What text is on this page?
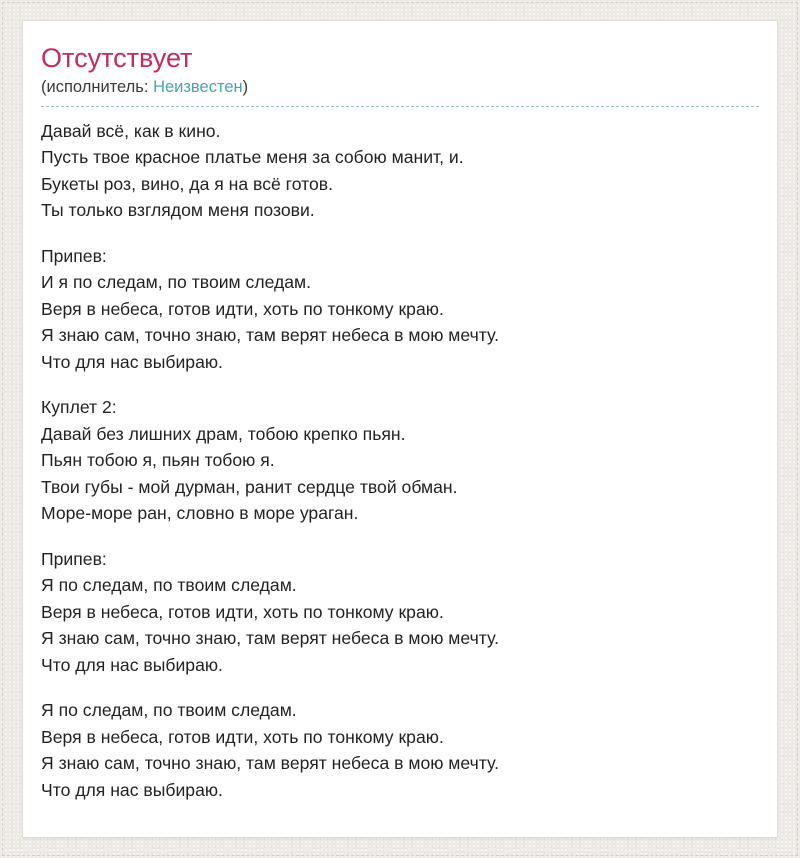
Отсутствует
(исполнитель: Неизвестен)

Давай всё, как в кино.
Пусть твое красное платье меня за собою манит, и.
Букеты роз, вино, да я на всё готов.
Ты только взглядом меня позови.

Припев:
И я по следам, по твоим следам.
Веря в небеса, готов идти, хоть по тонкому краю.
Я знаю сам, точно знаю, там верят небеса в мою мечту.
Что для нас выбираю.

Куплет 2:
Давай без лишних драм, тобою крепко пьян.
Пьян тобою я, пьян тобою я.
Твои губы - мой дурман, ранит сердце твой обман.
Море-море ран, словно в море ураган.

Припев:
Я по следам, по твоим следам.
Веря в небеса, готов идти, хоть по тонкому краю.
Я знаю сам, точно знаю, там верят небеса в мою мечту.
Что для нас выбираю.

Я по следам, по твоим следам.
Веря в небеса, готов идти, хоть по тонкому краю.
Я знаю сам, точно знаю, там верят небеса в мою мечту.
Что для нас выбираю.
